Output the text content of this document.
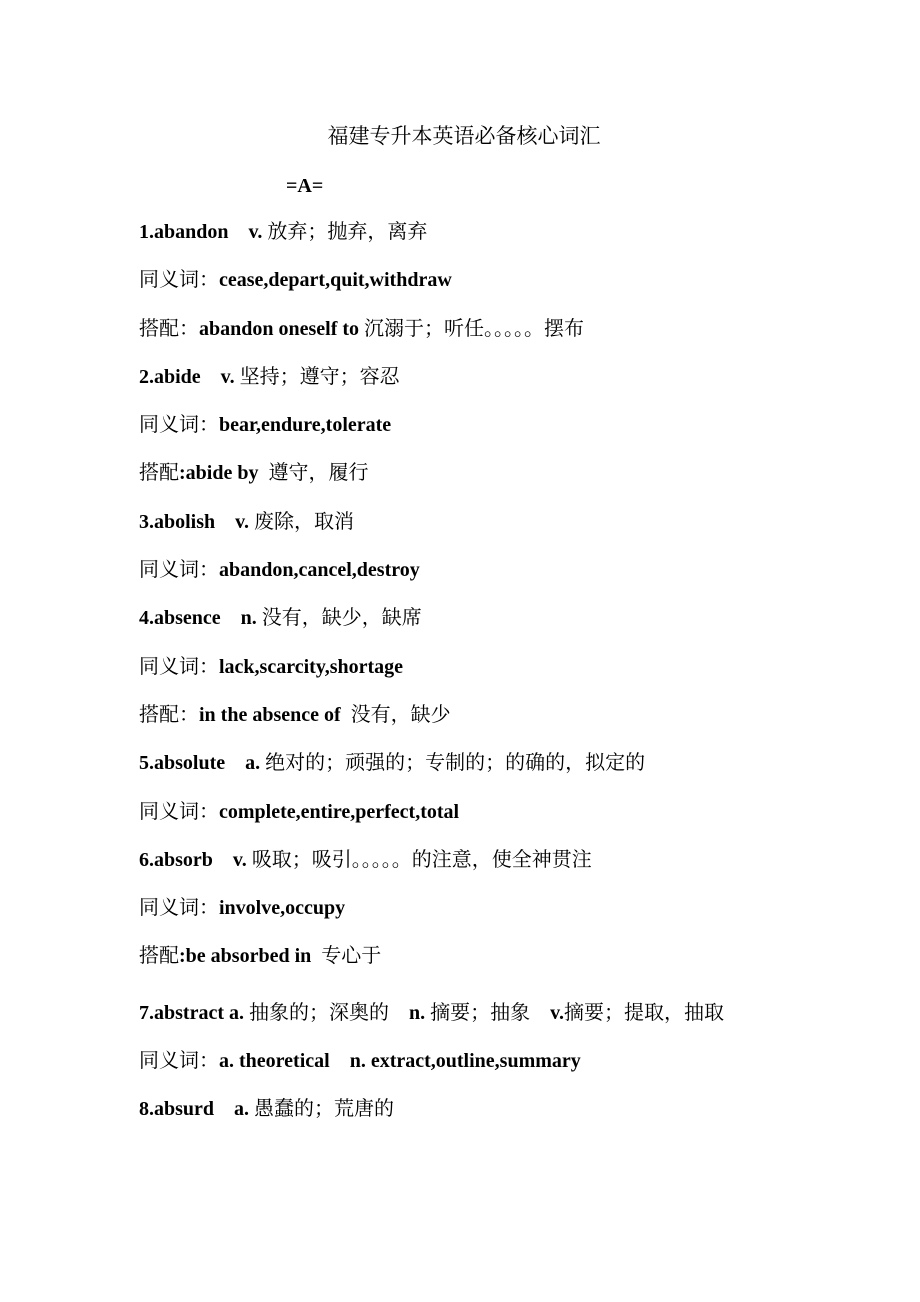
福建专升本英语必备核心词汇
=A=
1.abandon    v. 放弃；抛弃，离弃
同义词：cease,depart,quit,withdraw
搭配：abandon oneself to 沉溺于；听任。。。。。摆布
2.abide    v. 坚持；遵守；容忍
同义词：bear,endure,tolerate
搭配:abide by  遵守，履行
3.abolish    v. 废除，取消
同义词：abandon,cancel,destroy
4.absence    n. 没有，缺少，缺席
同义词：lack,scarcity,shortage
搭配：in the absence of  没有，缺少
5.absolute    a. 绝对的；顽强的；专制的；的确的，拟定的
同义词：complete,entire,perfect,total
6.absorb    v. 吸取；吸引。。。。。的注意，使全神贯注
同义词：involve,occupy
搭配:be absorbed in  专心于
7.abstract a. 抽象的；深奥的    n. 摘要；抽象    v.摘要；提取，抽取
同义词：a. theoretical    n. extract,outline,summary
8.absurd    a. 愚蠢的；荒唐的
